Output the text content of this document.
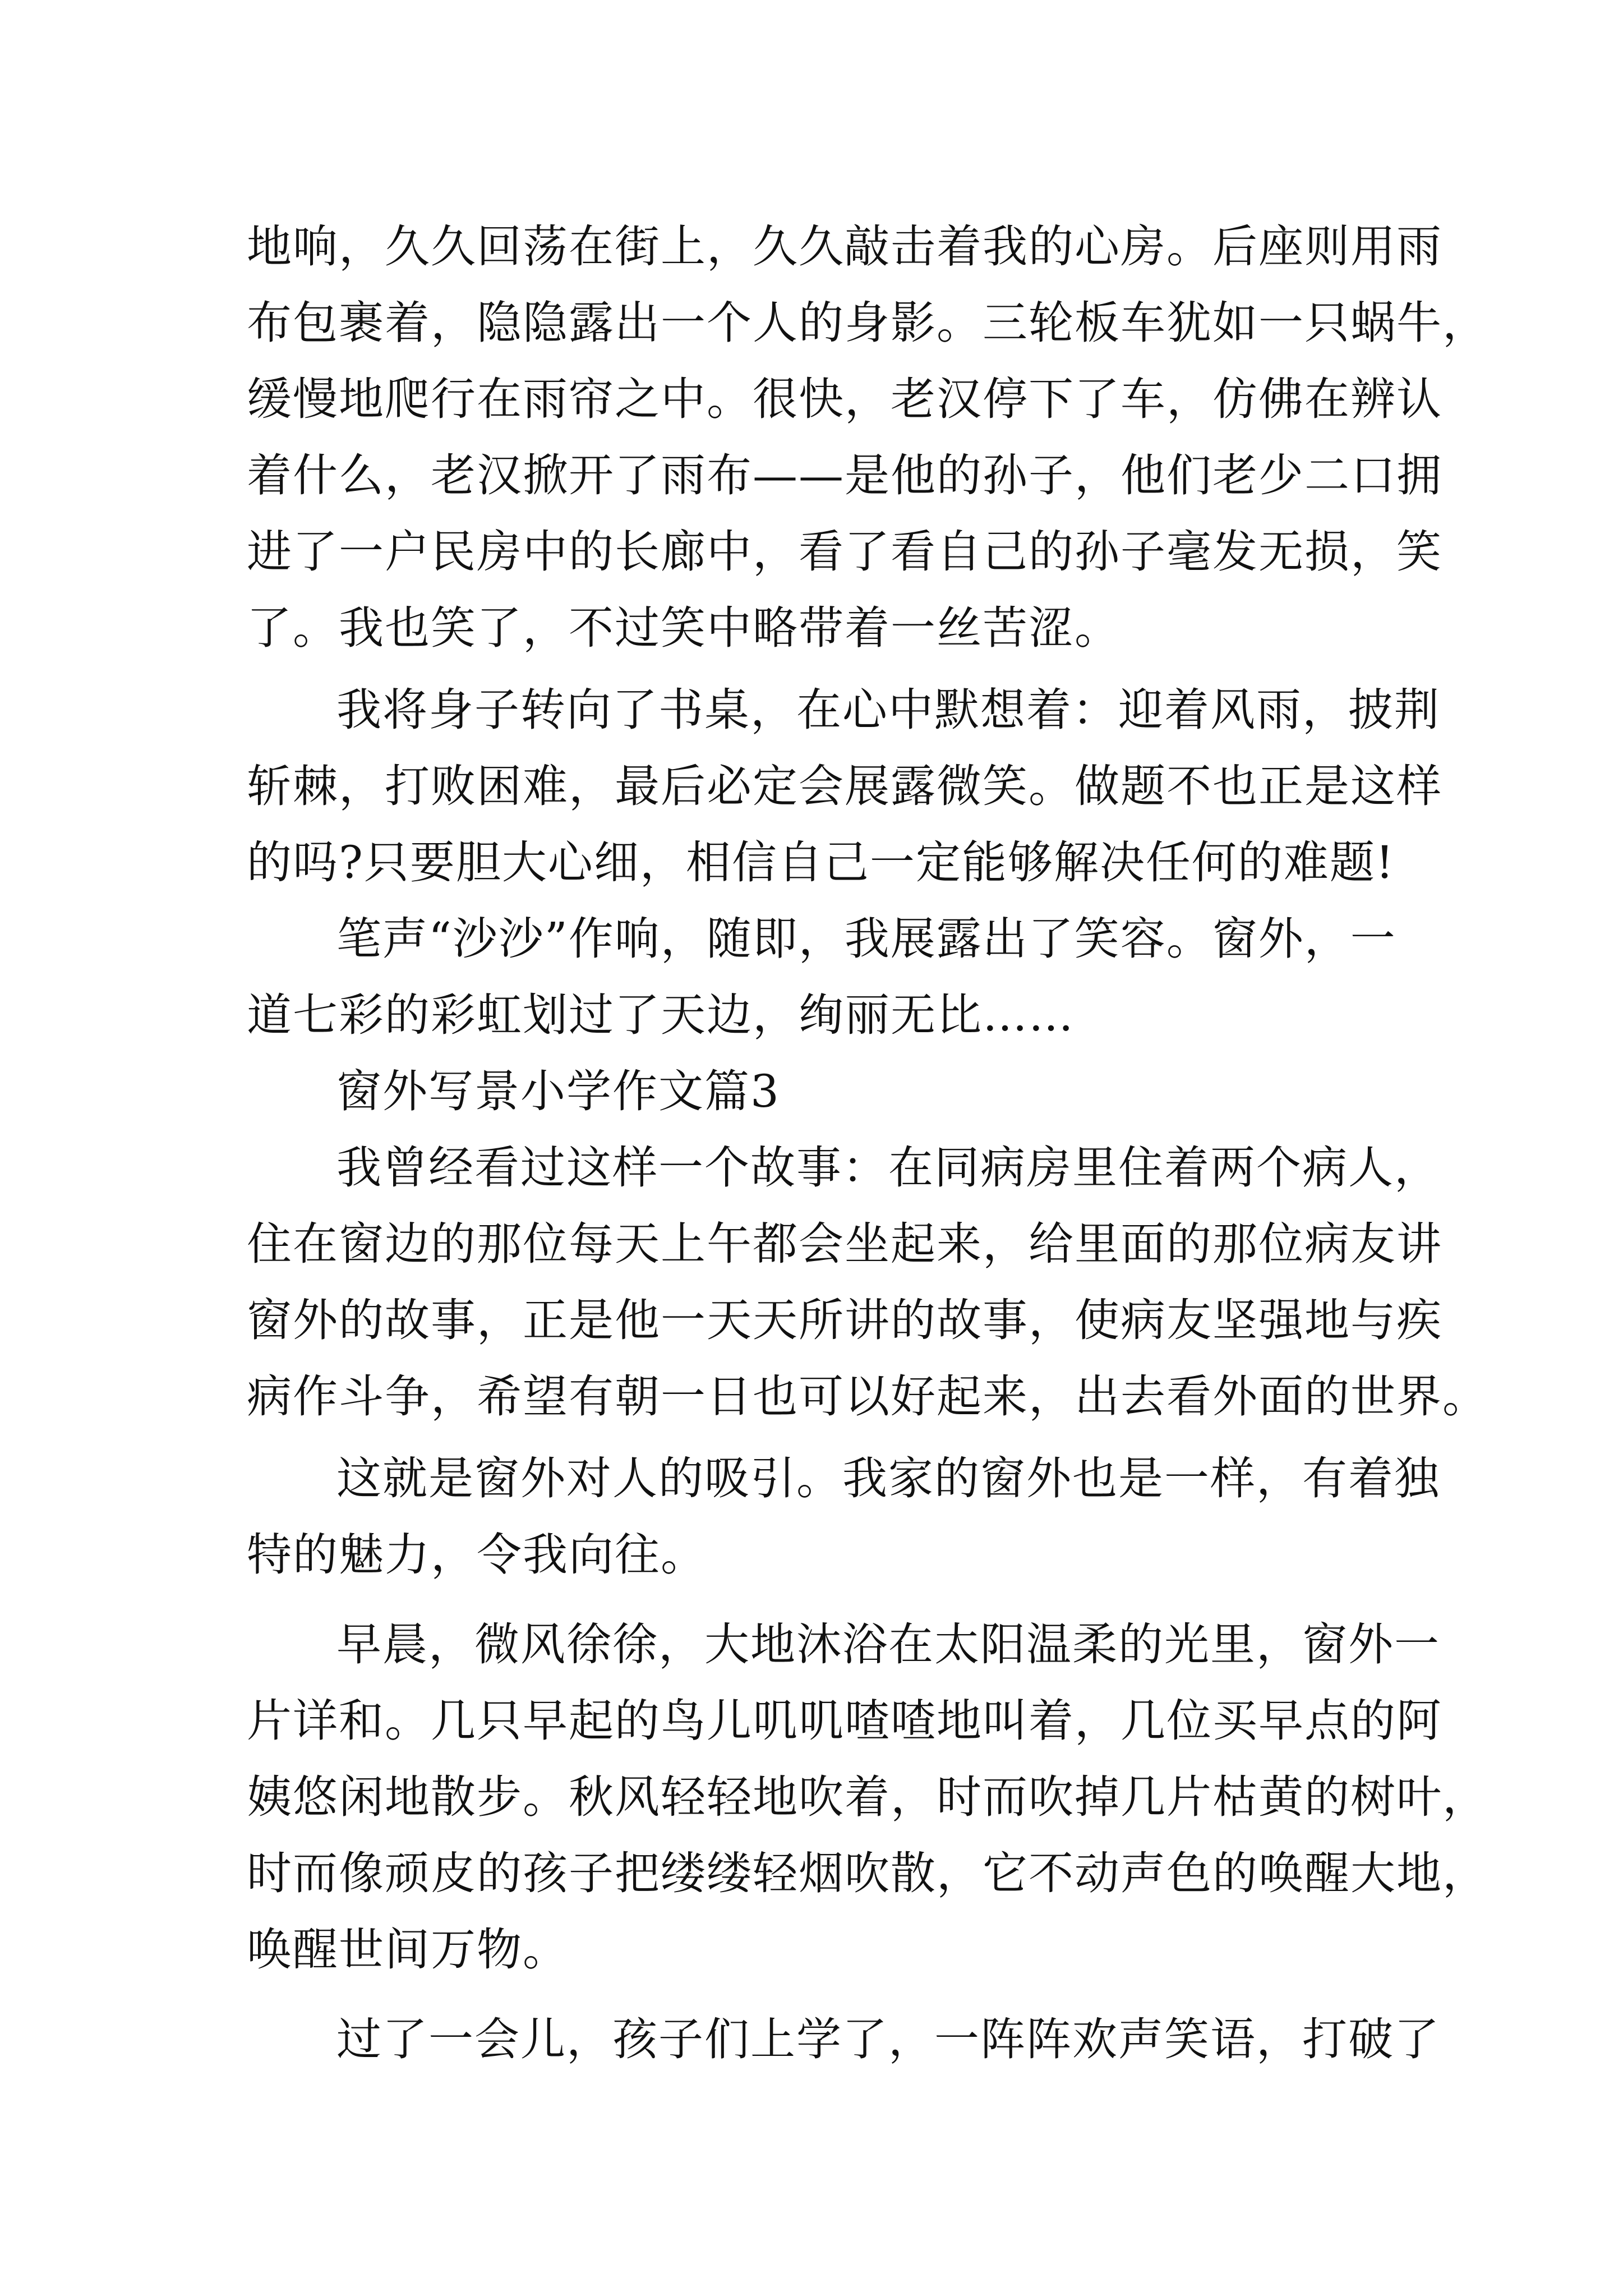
地响，久久回荡在街上，久久敲击着我的心房。后座则用雨
布包裹着，隐隐露出一个人的身影。三轮板车犹如一只蜗牛，
缓慢地爬行在雨帘之中。很快，老汉停下了车，仿佛在辨认
着什么，老汉掀开了雨布——是他的孙子，他们老少二口拥
进了一户民房中的长廊中，看了看自己的孙子毫发无损，笑
了。我也笑了，不过笑中略带着一丝苦涩。
我将身子转向了书桌，在心中默想着：迎着风雨，披荆
斩棘，打败困难，最后必定会展露微笑。做题不也正是这样
的吗?只要胆大心细，相信自己一定能够解决任何的难题!
笔声“沙沙”作响，随即，我展露出了笑容。窗外，一
道七彩的彩虹划过了天边，绚丽无比……
窗外写景小学作文篇3
我曾经看过这样一个故事：在同病房里住着两个病人，
住在窗边的那位每天上午都会坐起来，给里面的那位病友讲
窗外的故事，正是他一天天所讲的故事，使病友坚强地与疾
病作斗争，希望有朝一日也可以好起来，出去看外面的世界。
这就是窗外对人的吸引。我家的窗外也是一样，有着独
特的魅力，令我向往。
早晨，微风徐徐，大地沐浴在太阳温柔的光里，窗外一
片详和。几只早起的鸟儿叽叽喳喳地叫着，几位买早点的阿
姨悠闲地散步。秋风轻轻地吹着，时而吹掉几片枯黄的树叶，
时而像顽皮的孩子把缕缕轻烟吹散，它不动声色的唤醒大地，
唤醒世间万物。
过了一会儿，孩子们上学了，一阵阵欢声笑语，打破了
